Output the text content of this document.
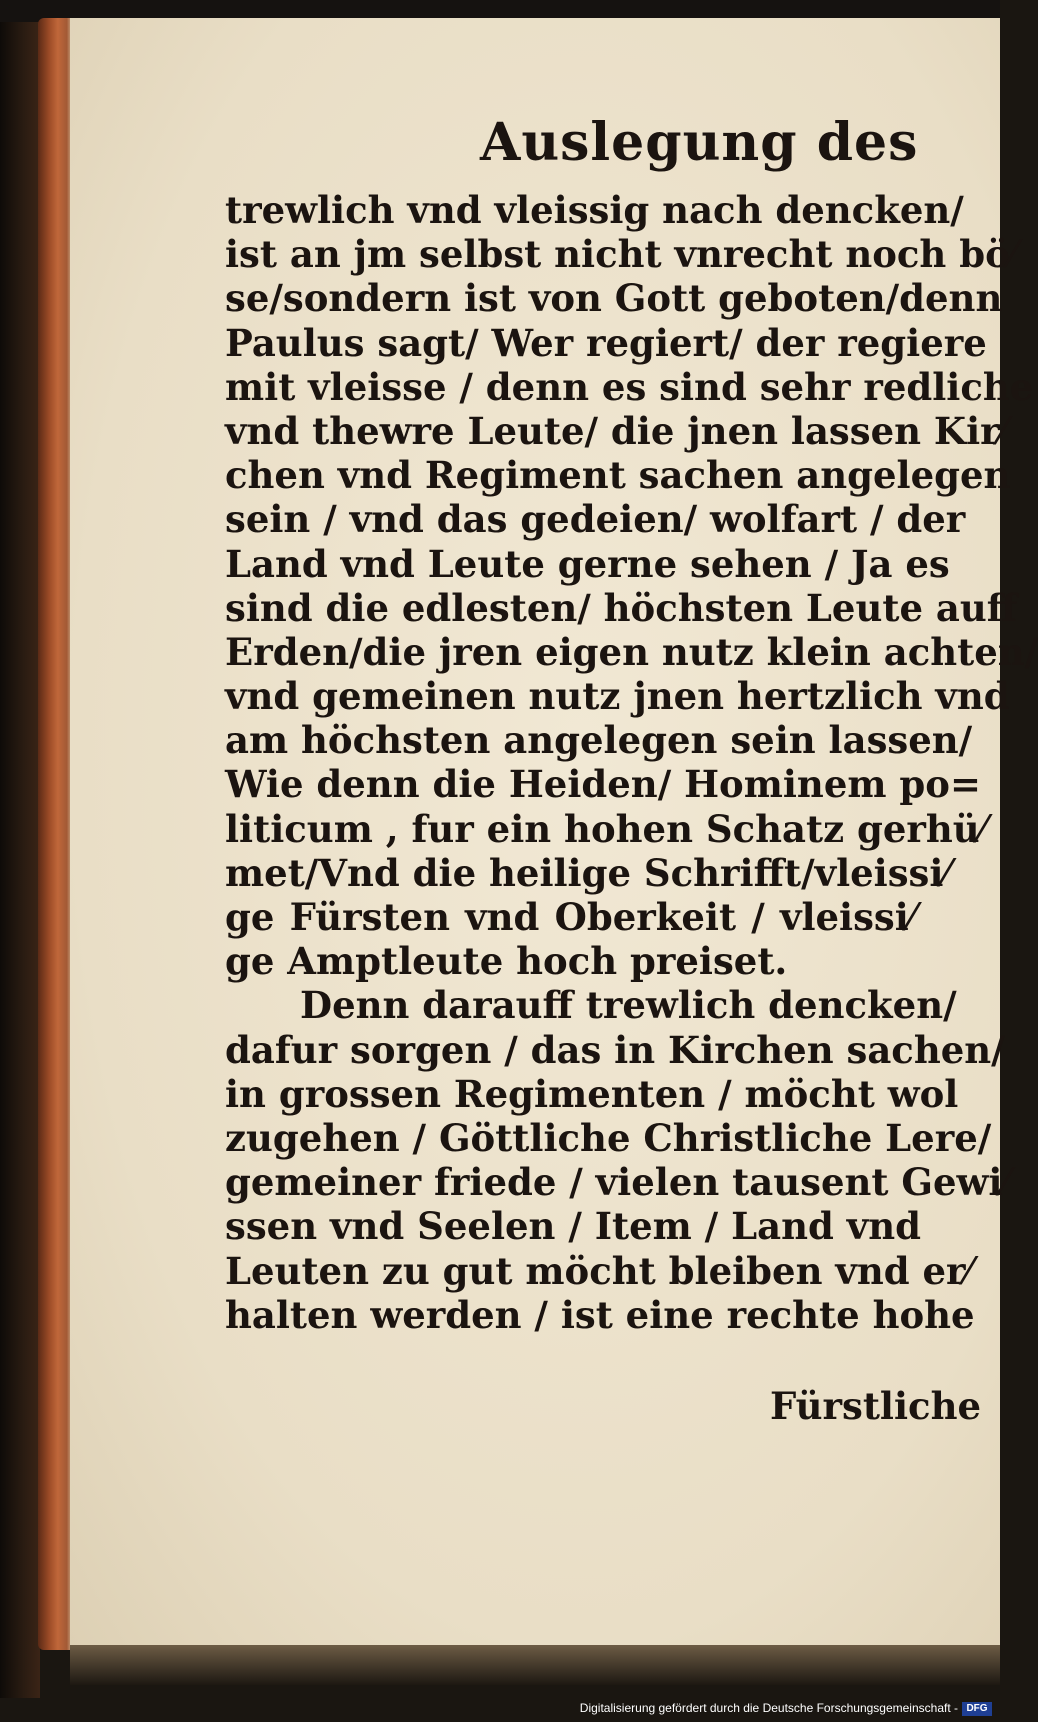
Auslegung des
trewlich vnd vleissig nach dencken/
ist an jm selbst nicht vnrecht noch bö⁄
se/sondern ist von Gott geboten/denn
Paulus sagt/ Wer regiert/ der regiere
mit vleisse / denn es sind sehr redliche
vnd thewre Leute/ die jnen lassen Kir⁄
chen vnd Regiment sachen angelegen
sein / vnd das gedeien/ wolfart / der
Land vnd Leute gerne sehen / Ja es
sind die edlesten/ höchsten Leute auff
Erden/die jren eigen nutz klein achten/
vnd gemeinen nutz jnen hertzlich vnd
am höchsten angelegen sein lassen/
Wie denn die Heiden/ Hominem po=
liticum , fur ein hohen Schatz gerhü⁄
met/Vnd die heilige Schrifft/vleissi⁄
ge Fürsten vnd Oberkeit / vleissi⁄
ge Amptleute hoch preiset.
Denn darauff trewlich dencken/
dafur sorgen / das in Kirchen sachen/
in grossen Regimenten / möcht wol
zugehen / Göttliche Christliche Lere/
gemeiner friede / vielen tausent Gewi⁄
ssen vnd Seelen / Item / Land vnd
Leuten zu gut möcht bleiben vnd er⁄
halten werden / ist eine rechte hohe
Fürstliche
Digitalisierung gefördert durch die Deutsche Forschungsgemeinschaft - DFG
